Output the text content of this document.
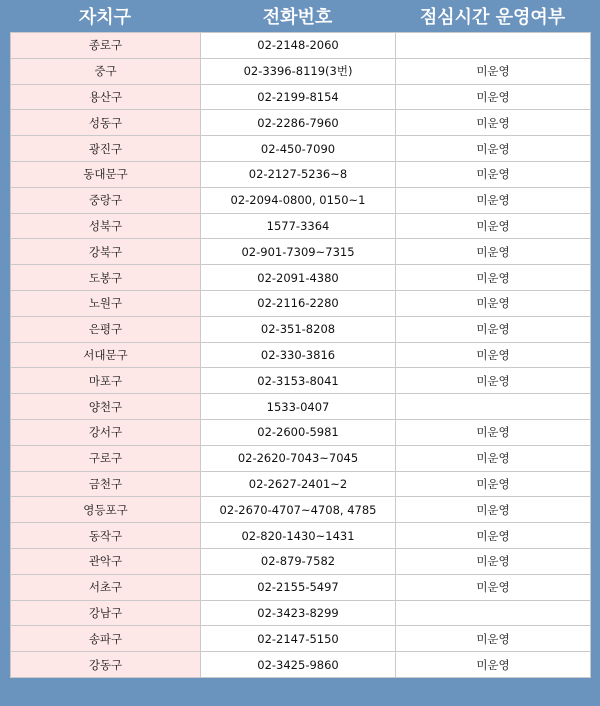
자치구	전화번호	점심시간 운영여부
종로구	02-2148-2060	
중구	02-3396-8119(3번)	미운영
용산구	02-2199-8154	미운영
성동구	02-2286-7960	미운영
광진구	02-450-7090	미운영
동대문구	02-2127-5236~8	미운영
중랑구	02-2094-0800, 0150~1	미운영
성북구	1577-3364	미운영
강북구	02-901-7309~7315	미운영
도봉구	02-2091-4380	미운영
노원구	02-2116-2280	미운영
은평구	02-351-8208	미운영
서대문구	02-330-3816	미운영
마포구	02-3153-8041	미운영
양천구	1533-0407	
강서구	02-2600-5981	미운영
구로구	02-2620-7043~7045	미운영
금천구	02-2627-2401~2	미운영
영등포구	02-2670-4707~4708, 4785	미운영
동작구	02-820-1430~1431	미운영
관악구	02-879-7582	미운영
서초구	02-2155-5497	미운영
강남구	02-3423-8299	
송파구	02-2147-5150	미운영
강동구	02-3425-9860	미운영
